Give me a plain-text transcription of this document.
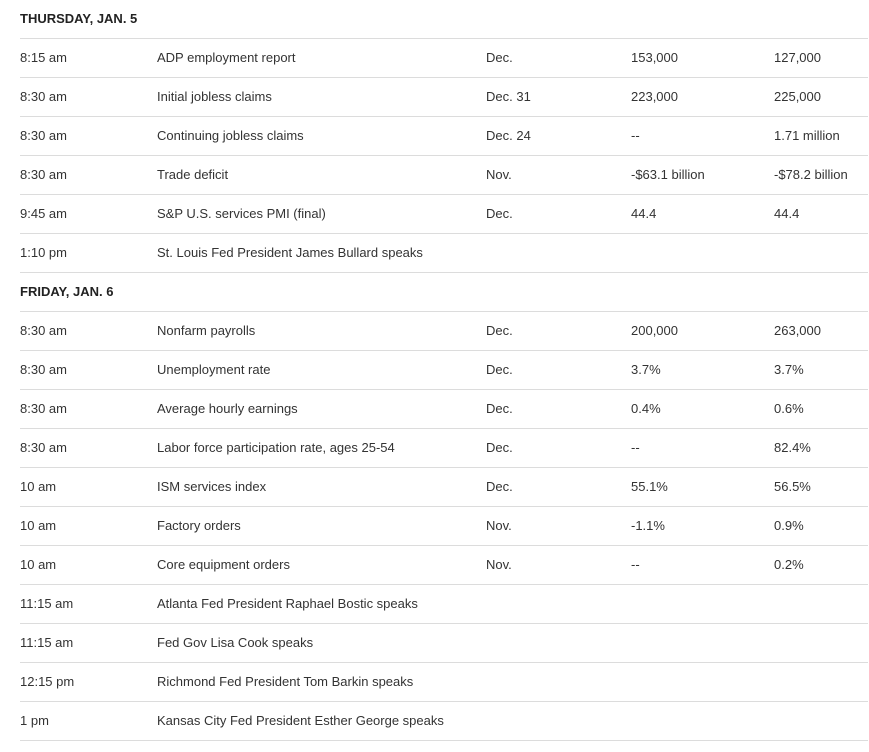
THURSDAY, JAN. 5
8:15 am	ADP employment report	Dec.	153,000	127,000
8:30 am	Initial jobless claims	Dec. 31	223,000	225,000
8:30 am	Continuing jobless claims	Dec. 24	--	1.71 million
8:30 am	Trade deficit	Nov.	-$63.1 billion	-$78.2 billion
9:45 am	S&P U.S. services PMI (final)	Dec.	44.4	44.4
1:10 pm	St. Louis Fed President James Bullard speaks
FRIDAY, JAN. 6
8:30 am	Nonfarm payrolls	Dec.	200,000	263,000
8:30 am	Unemployment rate	Dec.	3.7%	3.7%
8:30 am	Average hourly earnings	Dec.	0.4%	0.6%
8:30 am	Labor force participation rate, ages 25-54	Dec.	--	82.4%
10 am	ISM services index	Dec.	55.1%	56.5%
10 am	Factory orders	Nov.	-1.1%	0.9%
10 am	Core equipment orders	Nov.	--	0.2%
11:15 am	Atlanta Fed President Raphael Bostic speaks
11:15 am	Fed Gov Lisa Cook speaks
12:15 pm	Richmond Fed President Tom Barkin speaks
1 pm	Kansas City Fed President Esther George speaks
